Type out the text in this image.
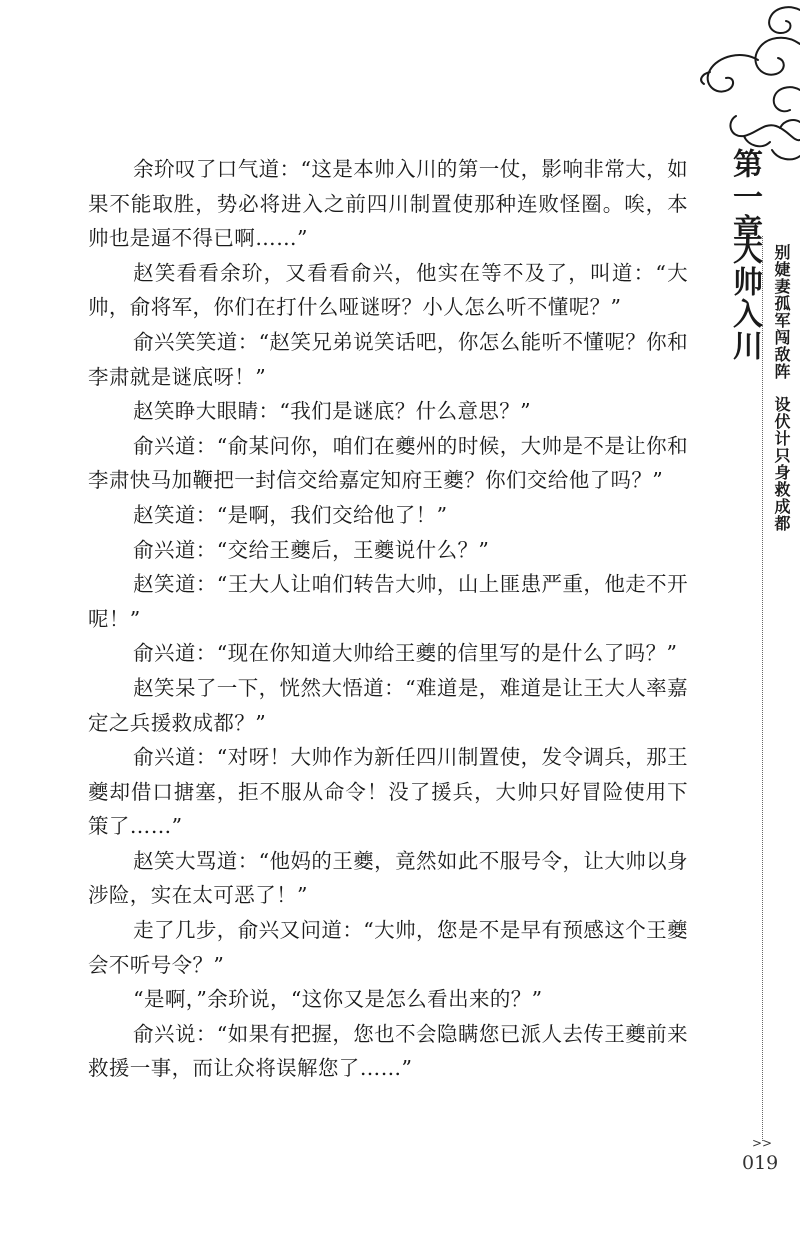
第一章
大帅入川 别婕妻孤军闯敌阵
设伏计只身救成都

余玠叹了口气道：“这是本帅入川的第一仗，影响非常大，如果不能取胜，势必将进入之前四川制置使那种连败怪圈。唉，本帅也是逼不得已啊……”

赵笑看看余玠，又看看俞兴，他实在等不及了，叫道：“大帅，俞将军，你们在打什么哑谜呀？小人怎么听不懂呢？”

俞兴笑笑道：“赵笑兄弟说笑话吧，你怎么能听不懂呢？你和李肃就是谜底呀！”

赵笑睁大眼睛：“我们是谜底？什么意思？”

俞兴道：“俞某问你，咱们在夔州的时候，大帅是不是让你和李肃快马加鞭把一封信交给嘉定知府王夔？你们交给他了吗？”

赵笑道：“是啊，我们交给他了！”

俞兴道：“交给王夔后，王夔说什么？”

赵笑道：“王大人让咱们转告大帅，山上匪患严重，他走不开呢！”

俞兴道：“现在你知道大帅给王夔的信里写的是什么了吗？”

赵笑呆了一下，恍然大悟道：“难道是，难道是让王大人率嘉定之兵援救成都？”

俞兴道：“对呀！大帅作为新任四川制置使，发令调兵，那王夔却借口搪塞，拒不服从命令！没了援兵，大帅只好冒险使用下策了……”

赵笑大骂道：“他妈的王夔，竟然如此不服号令，让大帅以身涉险，实在太可恶了！”

走了几步，俞兴又问道：“大帅，您是不是早有预感这个王夔会不听号令？”

“是啊，”余玠说，“这你又是怎么看出来的？”

俞兴说：“如果有把握，您也不会隐瞒您已派人去传王夔前来救援一事，而让众将误解您了……”

>>
019
